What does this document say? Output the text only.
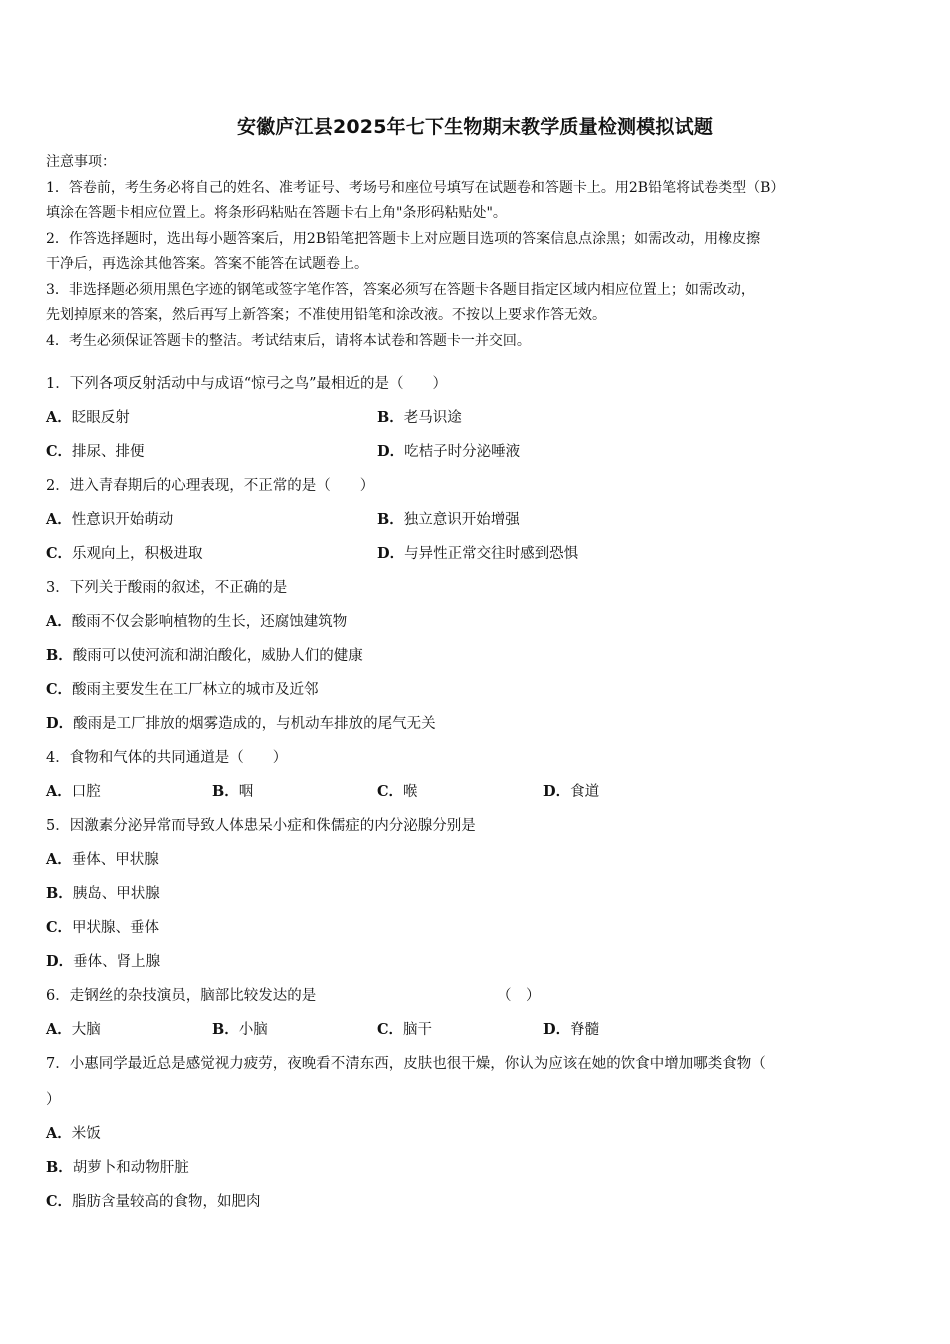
安徽庐江县2025年七下生物期末教学质量检测模拟试题

注意事项：

1．答卷前，考生务必将自己的姓名、准考证号、考场号和座位号填写在试题卷和答题卡上。用2B铅笔将试卷类型（B）

填涂在答题卡相应位置上。将条形码粘贴在答题卡右上角"条形码粘贴处"。

2．作答选择题时，选出每小题答案后，用2B铅笔把答题卡上对应题目选项的答案信息点涂黑；如需改动，用橡皮擦

干净后，再选涂其他答案。答案不能答在试题卷上。

3．非选择题必须用黑色字迹的钢笔或签字笔作答，答案必须写在答题卡各题目指定区域内相应位置上；如需改动，

先划掉原来的答案，然后再写上新答案；不准使用铅笔和涂改液。不按以上要求作答无效。

4．考生必须保证答题卡的整洁。考试结束后，请将本试卷和答题卡一并交回。

1．下列各项反射活动中与成语“惊弓之鸟”最相近的是（　　）
A．眨眼反射	B．老马识途
C．排尿、排便	D．吃桔子时分泌唾液
2．进入青春期后的心理表现，不正常的是（　　）
A．性意识开始萌动	B．独立意识开始增强
C．乐观向上，积极进取	D．与异性正常交往时感到恐惧
3．下列关于酸雨的叙述，不正确的是
A．酸雨不仅会影响植物的生长，还腐蚀建筑物
B．酸雨可以使河流和湖泊酸化，威胁人们的健康
C．酸雨主要发生在工厂林立的城市及近邻
D．酸雨是工厂排放的烟雾造成的，与机动车排放的尾气无关
4．食物和气体的共同通道是（　　）
A．口腔	B．咽	C．喉	D．食道
5．因激素分泌异常而导致人体患呆小症和侏儒症的内分泌腺分别是
A．垂体、甲状腺
B．胰岛、甲状腺
C．甲状腺、垂体
D．垂体、肾上腺
6．走钢丝的杂技演员，脑部比较发达的是	（　）
A．大脑	B．小脑	C．脑干	D．脊髓
7．小惠同学最近总是感觉视力疲劳，夜晚看不清东西，皮肤也很干燥，你认为应该在她的饮食中增加哪类食物（
）
A．米饭
B．胡萝卜和动物肝脏
C．脂肪含量较高的食物，如肥肉
